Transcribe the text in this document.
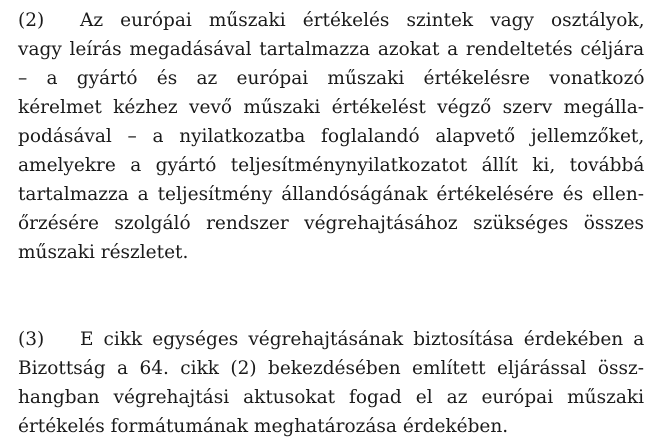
(2) Az európai műszaki értékelés szintek vagy osztályok,
vagy leírás megadásával tartalmazza azokat a rendeltetés céljára
– a gyártó és az európai műszaki értékelésre vonatkozó
kérelmet kézhez vevő műszaki értékelést végző szerv megálla-
podásával – a nyilatkozatba foglalandó alapvető jellemzőket,
amelyekre a gyártó teljesítménynyilatkozatot állít ki, továbbá
tartalmazza a teljesítmény állandóságának értékelésére és ellen-
őrzésére szolgáló rendszer végrehajtásához szükséges összes
műszaki részletet.
(3) E cikk egységes végrehajtásának biztosítása érdekében a
Bizottság a 64. cikk (2) bekezdésében említett eljárással össz-
hangban végrehajtási aktusokat fogad el az európai műszaki
értékelés formátumának meghatározása érdekében.
